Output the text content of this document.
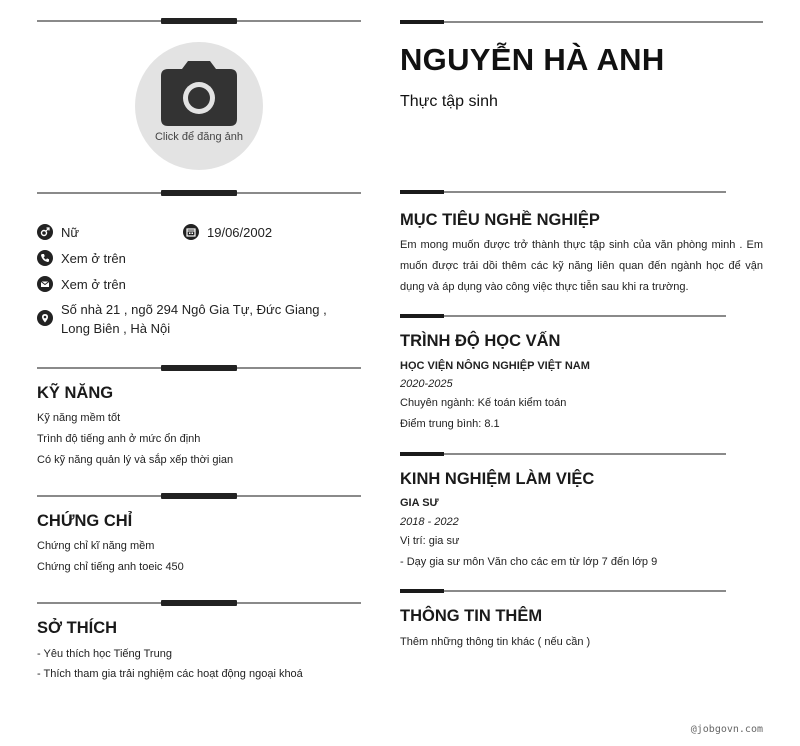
Click để đăng ảnh
Nữ	19/06/2002
Xem ở trên
Xem ở trên
Số nhà 21 , ngõ 294 Ngô Gia Tự, Đức Giang , Long Biên , Hà Nội
KỸ NĂNG
Kỹ năng mềm tốt
Trình độ tiếng anh ở mức ổn định
Có kỹ năng quản lý và sắp xếp thời gian
CHỨNG CHỈ
Chứng chỉ kĩ năng mềm
Chứng chỉ tiếng anh toeic 450
SỞ THÍCH
- Yêu thích học Tiếng Trung
- Thích tham gia trải nghiệm các hoạt động ngoại khoá
NGUYỄN HÀ ANH
Thực tập sinh
MỤC TIÊU NGHỀ NGHIỆP
Em mong muốn được trở thành thực tập sinh của văn phòng minh . Em muốn được trải dồi thêm các kỹ năng liên quan đến ngành học để vận dụng và áp dụng vào công việc thực tiễn sau khi ra trường.
TRÌNH ĐỘ HỌC VẤN
HỌC VIỆN NÔNG NGHIỆP VIỆT NAM
2020-2025
Chuyên ngành: Kế toán kiểm toán
Điểm trung bình: 8.1
KINH NGHIỆM LÀM VIỆC
GIA SƯ
2018 - 2022
Vị trí: gia sư
- Dạy gia sư môn Văn cho các em từ lớp 7 đến lớp 9
THÔNG TIN THÊM
Thêm những thông tin khác ( nếu cần )
@jobgovn.com
